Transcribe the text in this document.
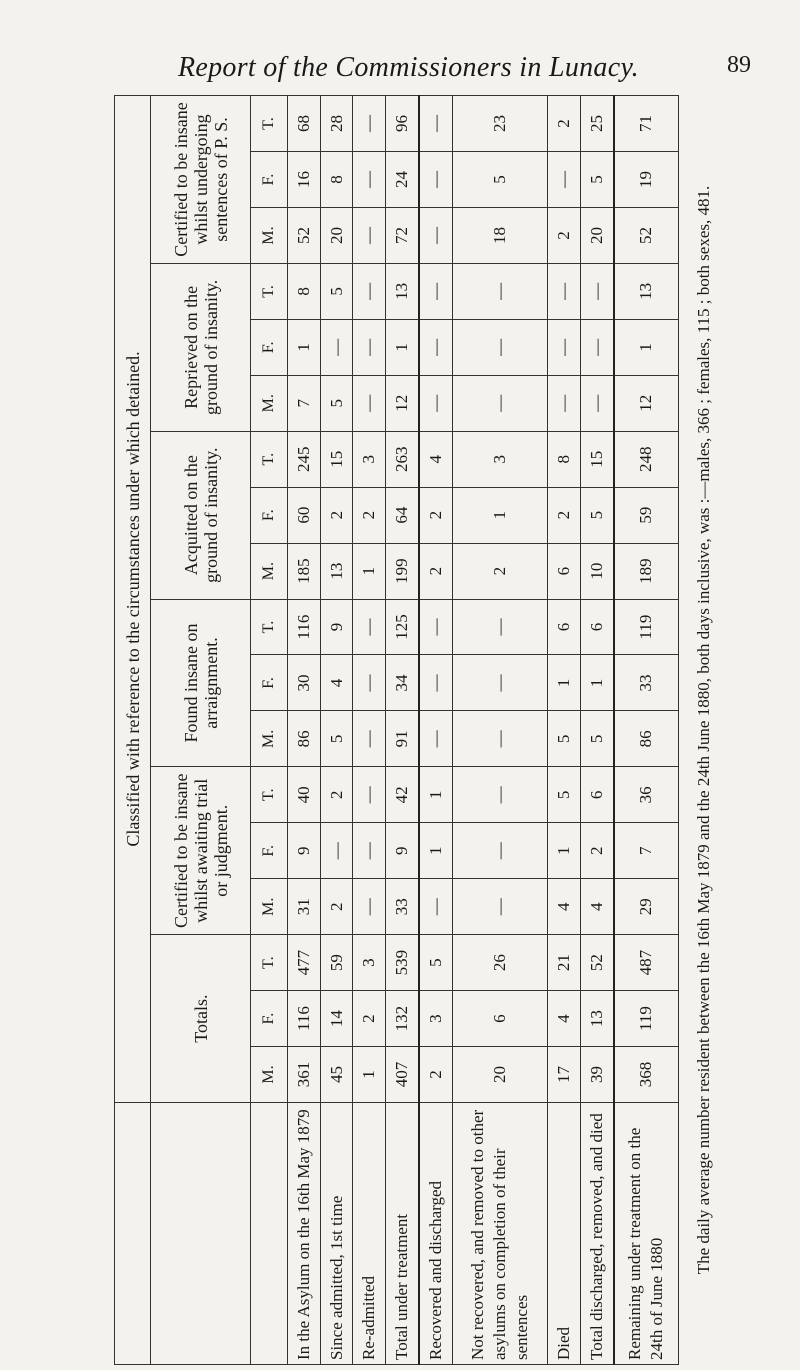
Report of the Commissioners in Lunacy.	89
	Classified with reference to the circumstances under which detained.																	
	Totals.			Certified to be insane whilst awaiting trial or judgment.			Found insane on arraignment.			Acquitted on the ground of insanity.			Reprieved on the ground of insanity.			Certified to be insane whilst undergoing sentences of P. S.		
	M.	F.	T.	M.	F.	T.	M.	F.	T.	M.	F.	T.	M.	F.	T.	M.	F.	T.
In the Asylum on the 16th May 1879	361	116	477	31	9	40	86	30	116	185	60	245	7	1	8	52	16	68
Since admitted, 1st time	45	14	59	2	—	2	5	4	9	13	2	15	5	—	5	20	8	28
Re-admitted	1	2	3	—	—	—	—	—	—	1	2	3	—	—	—	—	—	—
Total under treatment	407	132	539	33	9	42	91	34	125	199	64	263	12	1	13	72	24	96
Recovered and discharged	2	3	5	—	1	1	—	—	—	2	2	4	—	—	—	—	—	—
Not recovered, and removed to other asylums on completion of their sentences	20	6	26	—	—	—	—	—	—	2	1	3	—	—	—	18	5	23
Died	17	4	21	4	1	5	5	1	6	6	2	8	—	—	—	2	—	2
Total discharged, removed, and died	39	13	52	4	2	6	5	1	6	10	5	15	—	—	—	20	5	25
Remaining under treatment on the 24th of June 1880	368	119	487	29	7	36	86	33	119	189	59	248	12	1	13	52	19	71
The daily average number resident between the 16th May 1879 and the 24th June 1880, both days inclusive, was :—males, 366 ; females, 115 ; both sexes, 481.
